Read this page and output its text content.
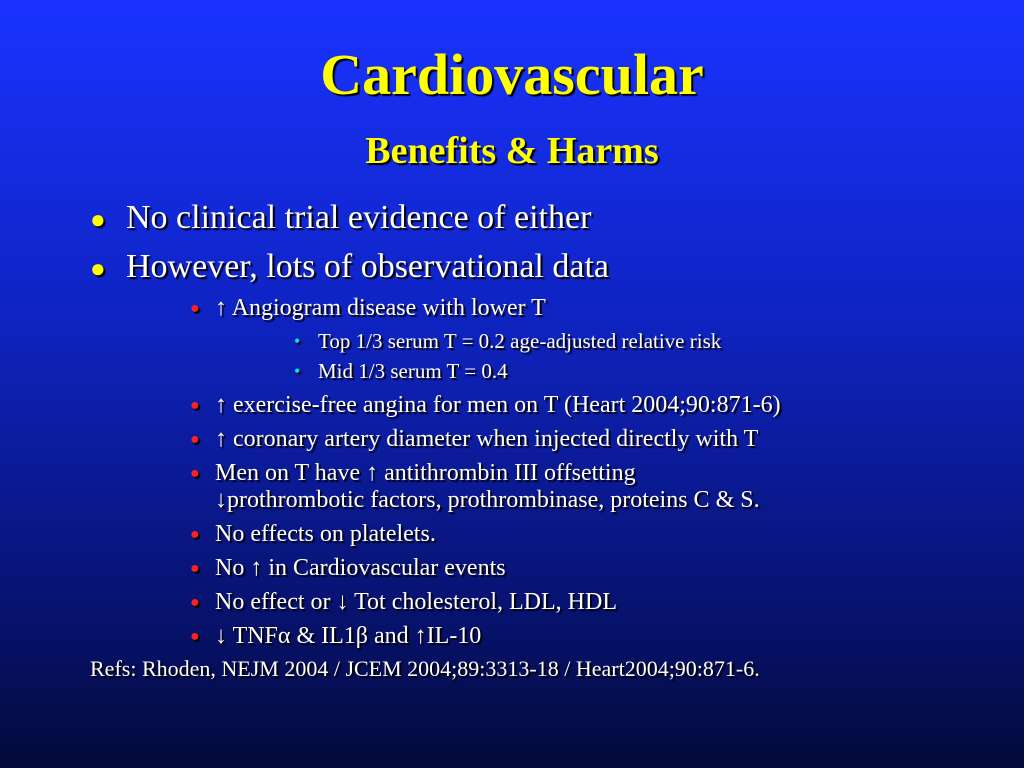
Cardiovascular
Benefits & Harms
● No clinical trial evidence of either
● However, lots of observational data
● ↑ Angiogram disease with lower T
• Top 1/3 serum T = 0.2 age-adjusted relative risk
• Mid 1/3 serum T = 0.4
● ↑ exercise-free angina for men on T (Heart 2004;90:871-6)
● ↑ coronary artery diameter when injected directly with T
● Men on T have ↑ antithrombin III offsetting
↓prothrombotic factors, prothrombinase, proteins C & S.
● No effects on platelets.
● No ↑ in Cardiovascular events
● No effect or ↓ Tot cholesterol, LDL, HDL
● ↓ TNFα & IL1β and ↑IL-10
Refs: Rhoden, NEJM 2004 / JCEM 2004;89:3313-18 / Heart2004;90:871-6.
